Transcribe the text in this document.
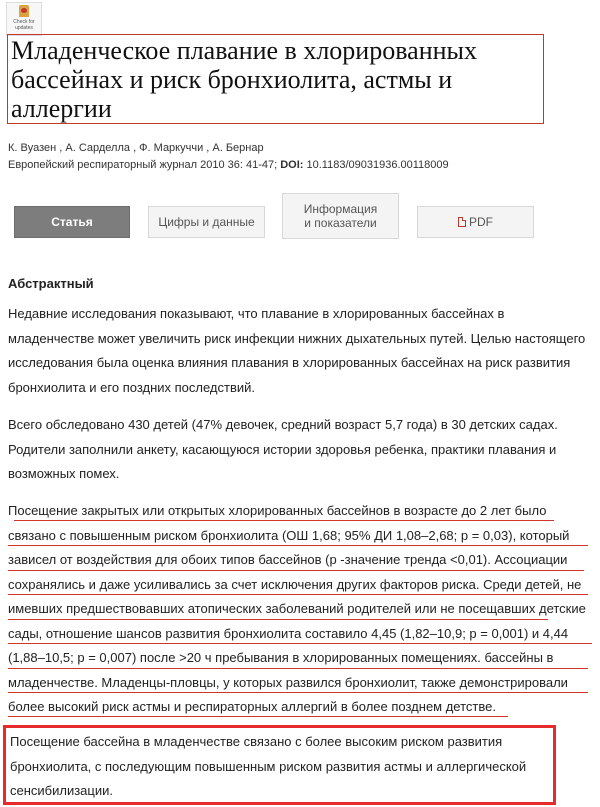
Check for updates
Младенческое плавание в хлорированных бассейнах и риск бронхиолита, астмы и аллергии
К. Вуазен , А. Сарделла , Ф. Маркуччи , А. Бернар
Европейский респираторный журнал 2010 36: 41-47; DOI: 10.1183/09031936.00118009
Статья	Цифры и данные
Информация и показатели	PDF
Абстрактный

Недавние исследования показывают, что плавание в хлорированных бассейнах в младенчестве может увеличить риск инфекции нижних дыхательных путей. Целью настоящего исследования была оценка влияния плавания в хлорированных бассейнах на риск развития бронхиолита и его поздних последствий.

Всего обследовано 430 детей (47% девочек, средний возраст 5,7 года) в 30 детских садах. Родители заполнили анкету, касающуюся истории здоровья ребенка, практики плавания и возможных помех.

Посещение закрытых или открытых хлорированных бассейнов в возрасте до 2 лет было связано с повышенным риском бронхиолита (ОШ 1,68; 95% ДИ 1,08–2,68; p = 0,03), который зависел от воздействия для обоих типов бассейнов (p -значение тренда <0,01). Ассоциации сохранялись и даже усиливались за счет исключения других факторов риска. Среди детей, не имевших предшествовавших атопических заболеваний родителей или не посещавших детские сады, отношение шансов развития бронхиолита составило 4,45 (1,82–10,9; p = 0,001) и 4,44 (1,88–10,5; p = 0,007) после >20 ч пребывания в хлорированных помещениях. бассейны в младенчестве. Младенцы-пловцы, у которых развился бронхиолит, также демонстрировали более высокий риск астмы и респираторных аллергий в более позднем детстве.

Посещение бассейна в младенчестве связано с более высоким риском развития бронхиолита, с последующим повышенным риском развития астмы и аллергической сенсибилизации.
